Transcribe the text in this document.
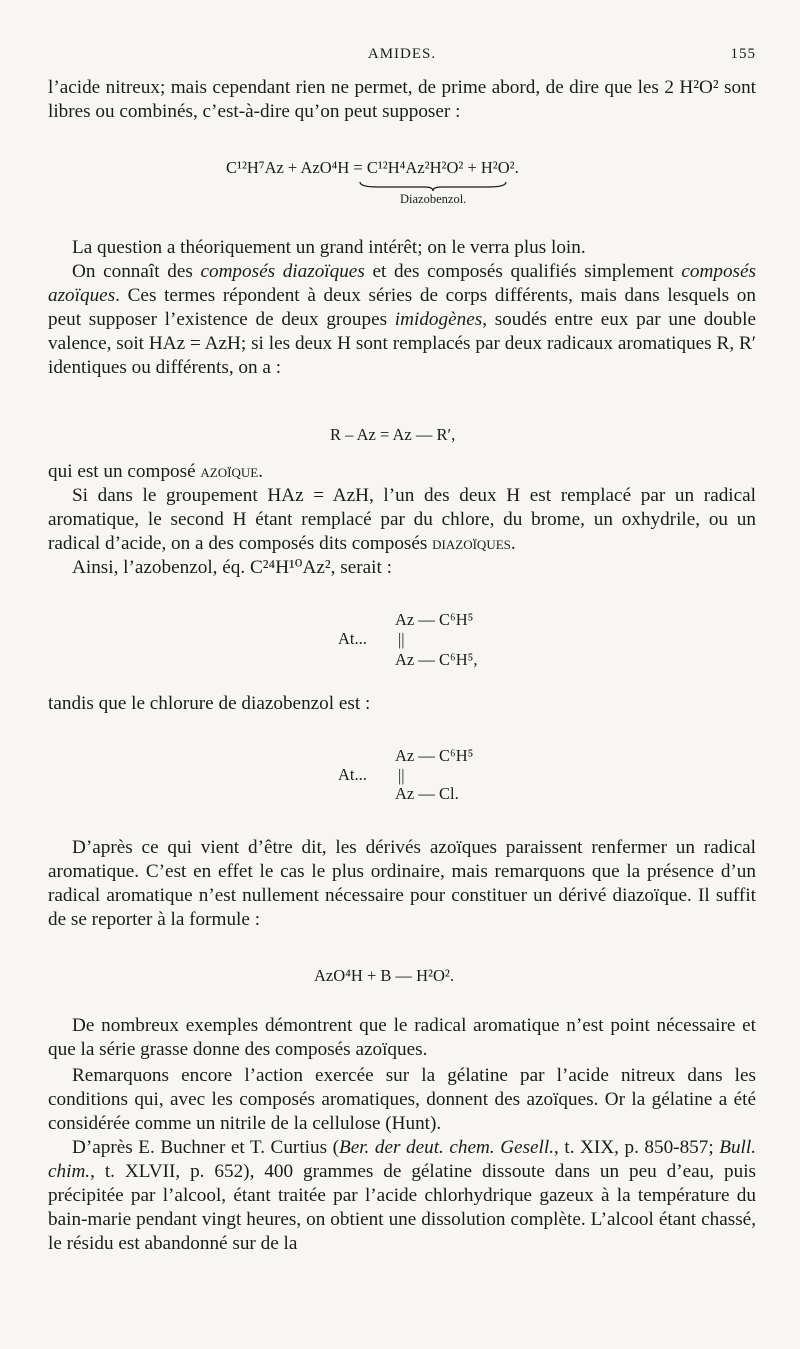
AMIDES.	155

l’acide nitreux; mais cependant rien ne permet, de prime abord, de dire que les 2 H²O² sont libres ou combinés, c’est-à-dire qu’on peut supposer :

C¹²H⁷Az + AzO⁴H = C¹²H⁴Az²H²O² + H²O².
Diazobenzol.

La question a théoriquement un grand intérêt; on le verra plus loin.

On connaît des composés diazoïques et des composés qualifiés simplement composés azoïques. Ces termes répondent à deux séries de corps différents, mais dans lesquels on peut supposer l’existence de deux groupes imidogènes, soudés entre eux par une double valence, soit HAz = AzH; si les deux H sont remplacés par deux radicaux aromatiques R, R′ identiques ou différents, on a :

R – Az = Az — R′,

qui est un composé azoïque.

Si dans le groupement HAz = AzH, l’un des deux H est remplacé par un radical aromatique, le second H étant remplacé par du chlore, du brome, un oxhydrile, ou un radical d’acide, on a des composés dits composés diazoïques.

Ainsi, l’azobenzol, éq. C²⁴H¹⁰Az², serait :

Az — C⁶H⁵
At... ||
Az — C⁶H⁵,

tandis que le chlorure de diazobenzol est :

Az — C⁶H⁵
At... ||
Az — Cl.

D’après ce qui vient d’être dit, les dérivés azoïques paraissent renfermer un radical aromatique. C’est en effet le cas le plus ordinaire, mais remarquons que la présence d’un radical aromatique n’est nullement nécessaire pour constituer un dérivé diazoïque. Il suffit de se reporter à la formule :

AzO⁴H + B — H²O².

De nombreux exemples démontrent que le radical aromatique n’est point nécessaire et que la série grasse donne des composés azoïques.

Remarquons encore l’action exercée sur la gélatine par l’acide nitreux dans les conditions qui, avec les composés aromatiques, donnent des azoïques. Or la gélatine a été considérée comme un nitrile de la cellulose (Hunt).

D’après E. Buchner et T. Curtius (Ber. der deut. chem. Gesell., t. XIX, p. 850-857; Bull. chim., t. XLVII, p. 652), 400 grammes de gélatine dissoute dans un peu d’eau, puis précipitée par l’alcool, étant traitée par l’acide chlorhydrique gazeux à la température du bain-marie pendant vingt heures, on obtient une dissolution complète. L’alcool étant chassé, le résidu est abandonné sur de la
